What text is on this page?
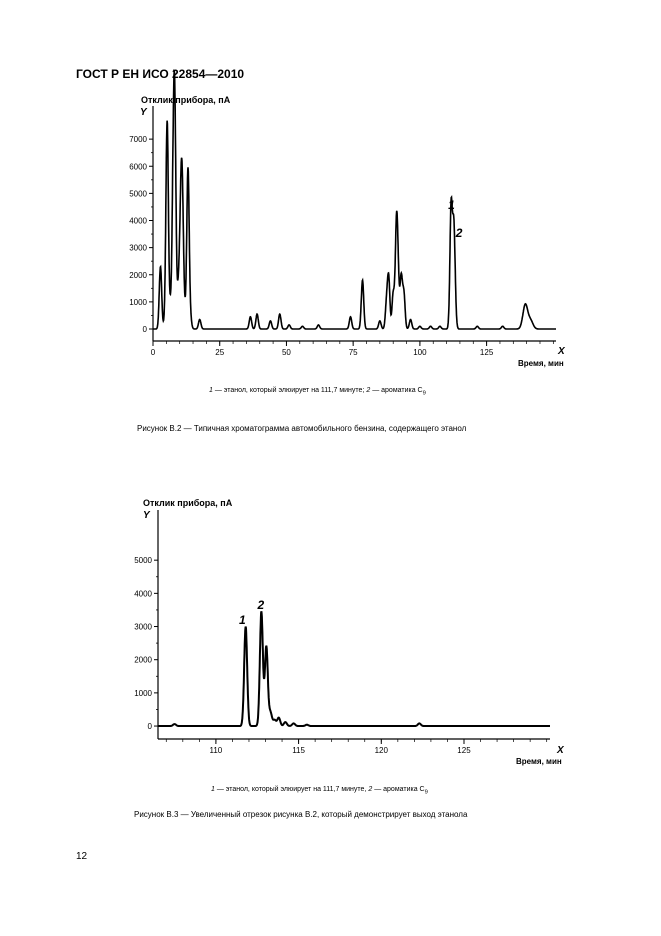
ГОСТ Р ЕН ИСО 22854—2010
Отклик прибора, пА
Y
X
Время, мин
1 — этанол, который элюирует на 111,7 минуте; 2 — ароматика $С_9$
Рисунок В.2 — Типичная хроматограмма автомобильного бензина, содержащего этанол
Отклик прибора, пА
Y
X
Время, мин
1 — этанол, который элюирует на 111,7 минуте, 2 — ароматика $С_9$
Рисунок В.3 — Увеличенный отрезок рисунка В.2, который демонстрирует выход этанола
12
0
1000
2000
3000
4000
5000
6000
7000
0	25	50	75	100	125
1
2
0
1000
2000
3000
4000
5000
110	115	120	125
1
2
